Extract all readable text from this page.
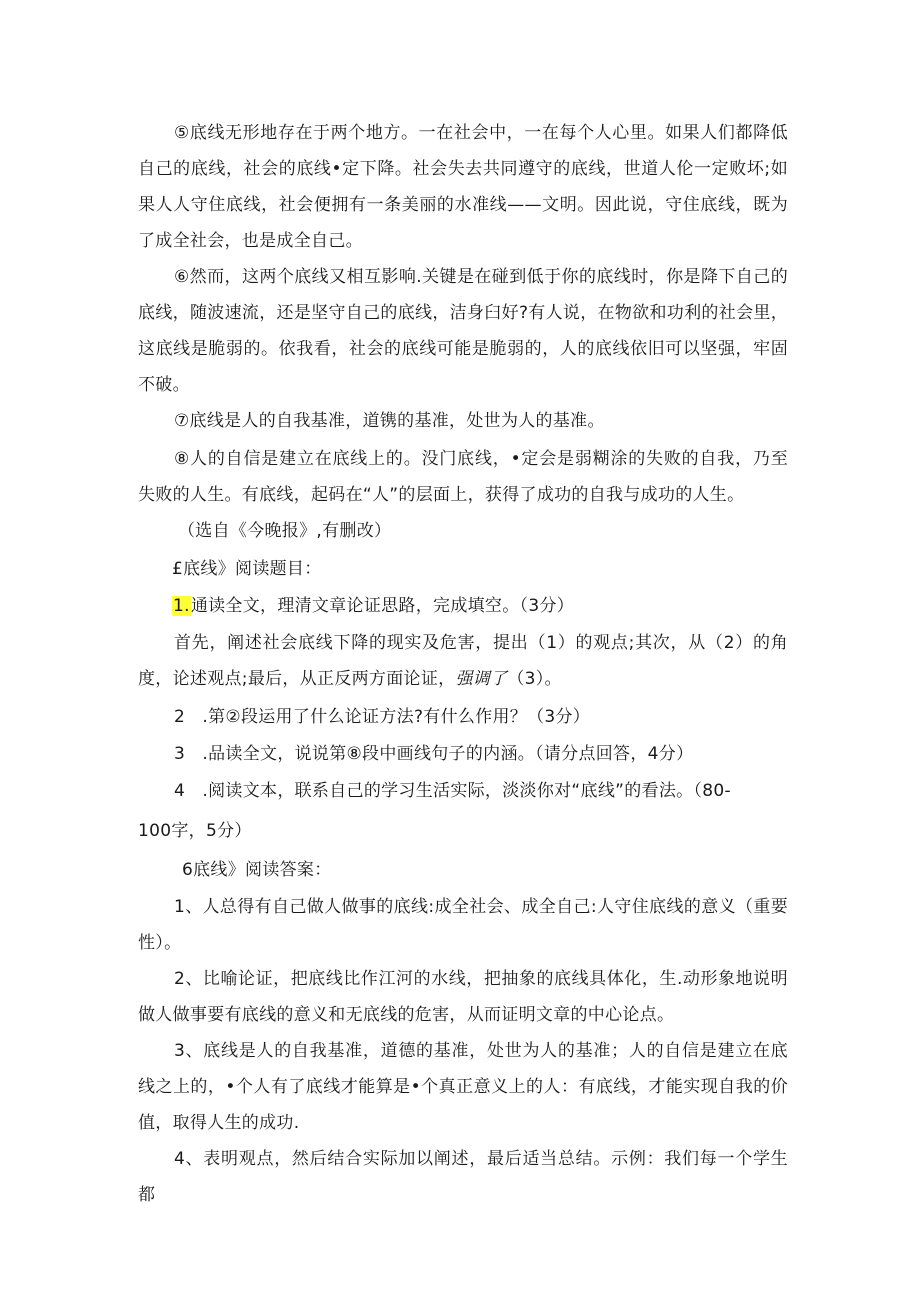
⑤底线无形地存在于两个地方。一在社会中，一在每个人心里。如果人们都降低自己的底线，社会的底线•定下降。社会失去共同遵守的底线，世道人伦一定败坏;如果人人守住底线，社会便拥有一条美丽的水准线——文明。因此说，守住底线，既为了成全社会，也是成全自己。

⑥然而，这两个底线又相互影响.关键是在碰到低于你的底线时，你是降下自己的底线，随波速流，还是坚守自己的底线，洁身臼好?有人说，在物欲和功利的社会里，这底线是脆弱的。依我看，社会的底线可能是脆弱的，人的底线依旧可以坚强，牢固不破。

⑦底线是人的自我基准，道镌的基准，处世为人的基准。

⑧人的自信是建立在底线上的。没门底线，•定会是弱糊涂的失败的自我，乃至失败的人生。有底线，起码在“人”的层面上，获得了成功的自我与成功的人生。

（选自《今晚报》,有删改）

£底线》阅读题目：

1.通读全文，理清文章论证思路，完成填空。（3分）

首先，阐述社会底线下降的现实及危害，提出（1）的观点;其次，从（2）的角度，论述观点;最后，从正反两方面论证，强调了（3）。

2　.第②段运用了什么论证方法?有什么作用？（3分）

3　.品读全文，说说第⑧段中画线句子的内涵。（请分点回答，4分）

4　.阅读文本，联系自己的学习生活实际，淡淡你对“底线”的看法。（80-

100字，5分）

6底线》阅读答案：

1、人总得有自己做人做事的底线:成全社会、成全自己:人守住底线的意义（重要性）。

2、比喻论证，把底线比作江河的水线，把抽象的底线具体化，生.动形象地说明做人做事要有底线的意义和无底线的危害，从而证明文章的中心论点。

3、底线是人的自我基准，道德的基准，处世为人的基准；人的自信是建立在底线之上的，•个人有了底线才能算是•个真正意义上的人：有底线，才能实现自我的价值，取得人生的成功.

4、表明观点，然后结合实际加以阐述，最后适当总结。示例：我们每一个学生都
